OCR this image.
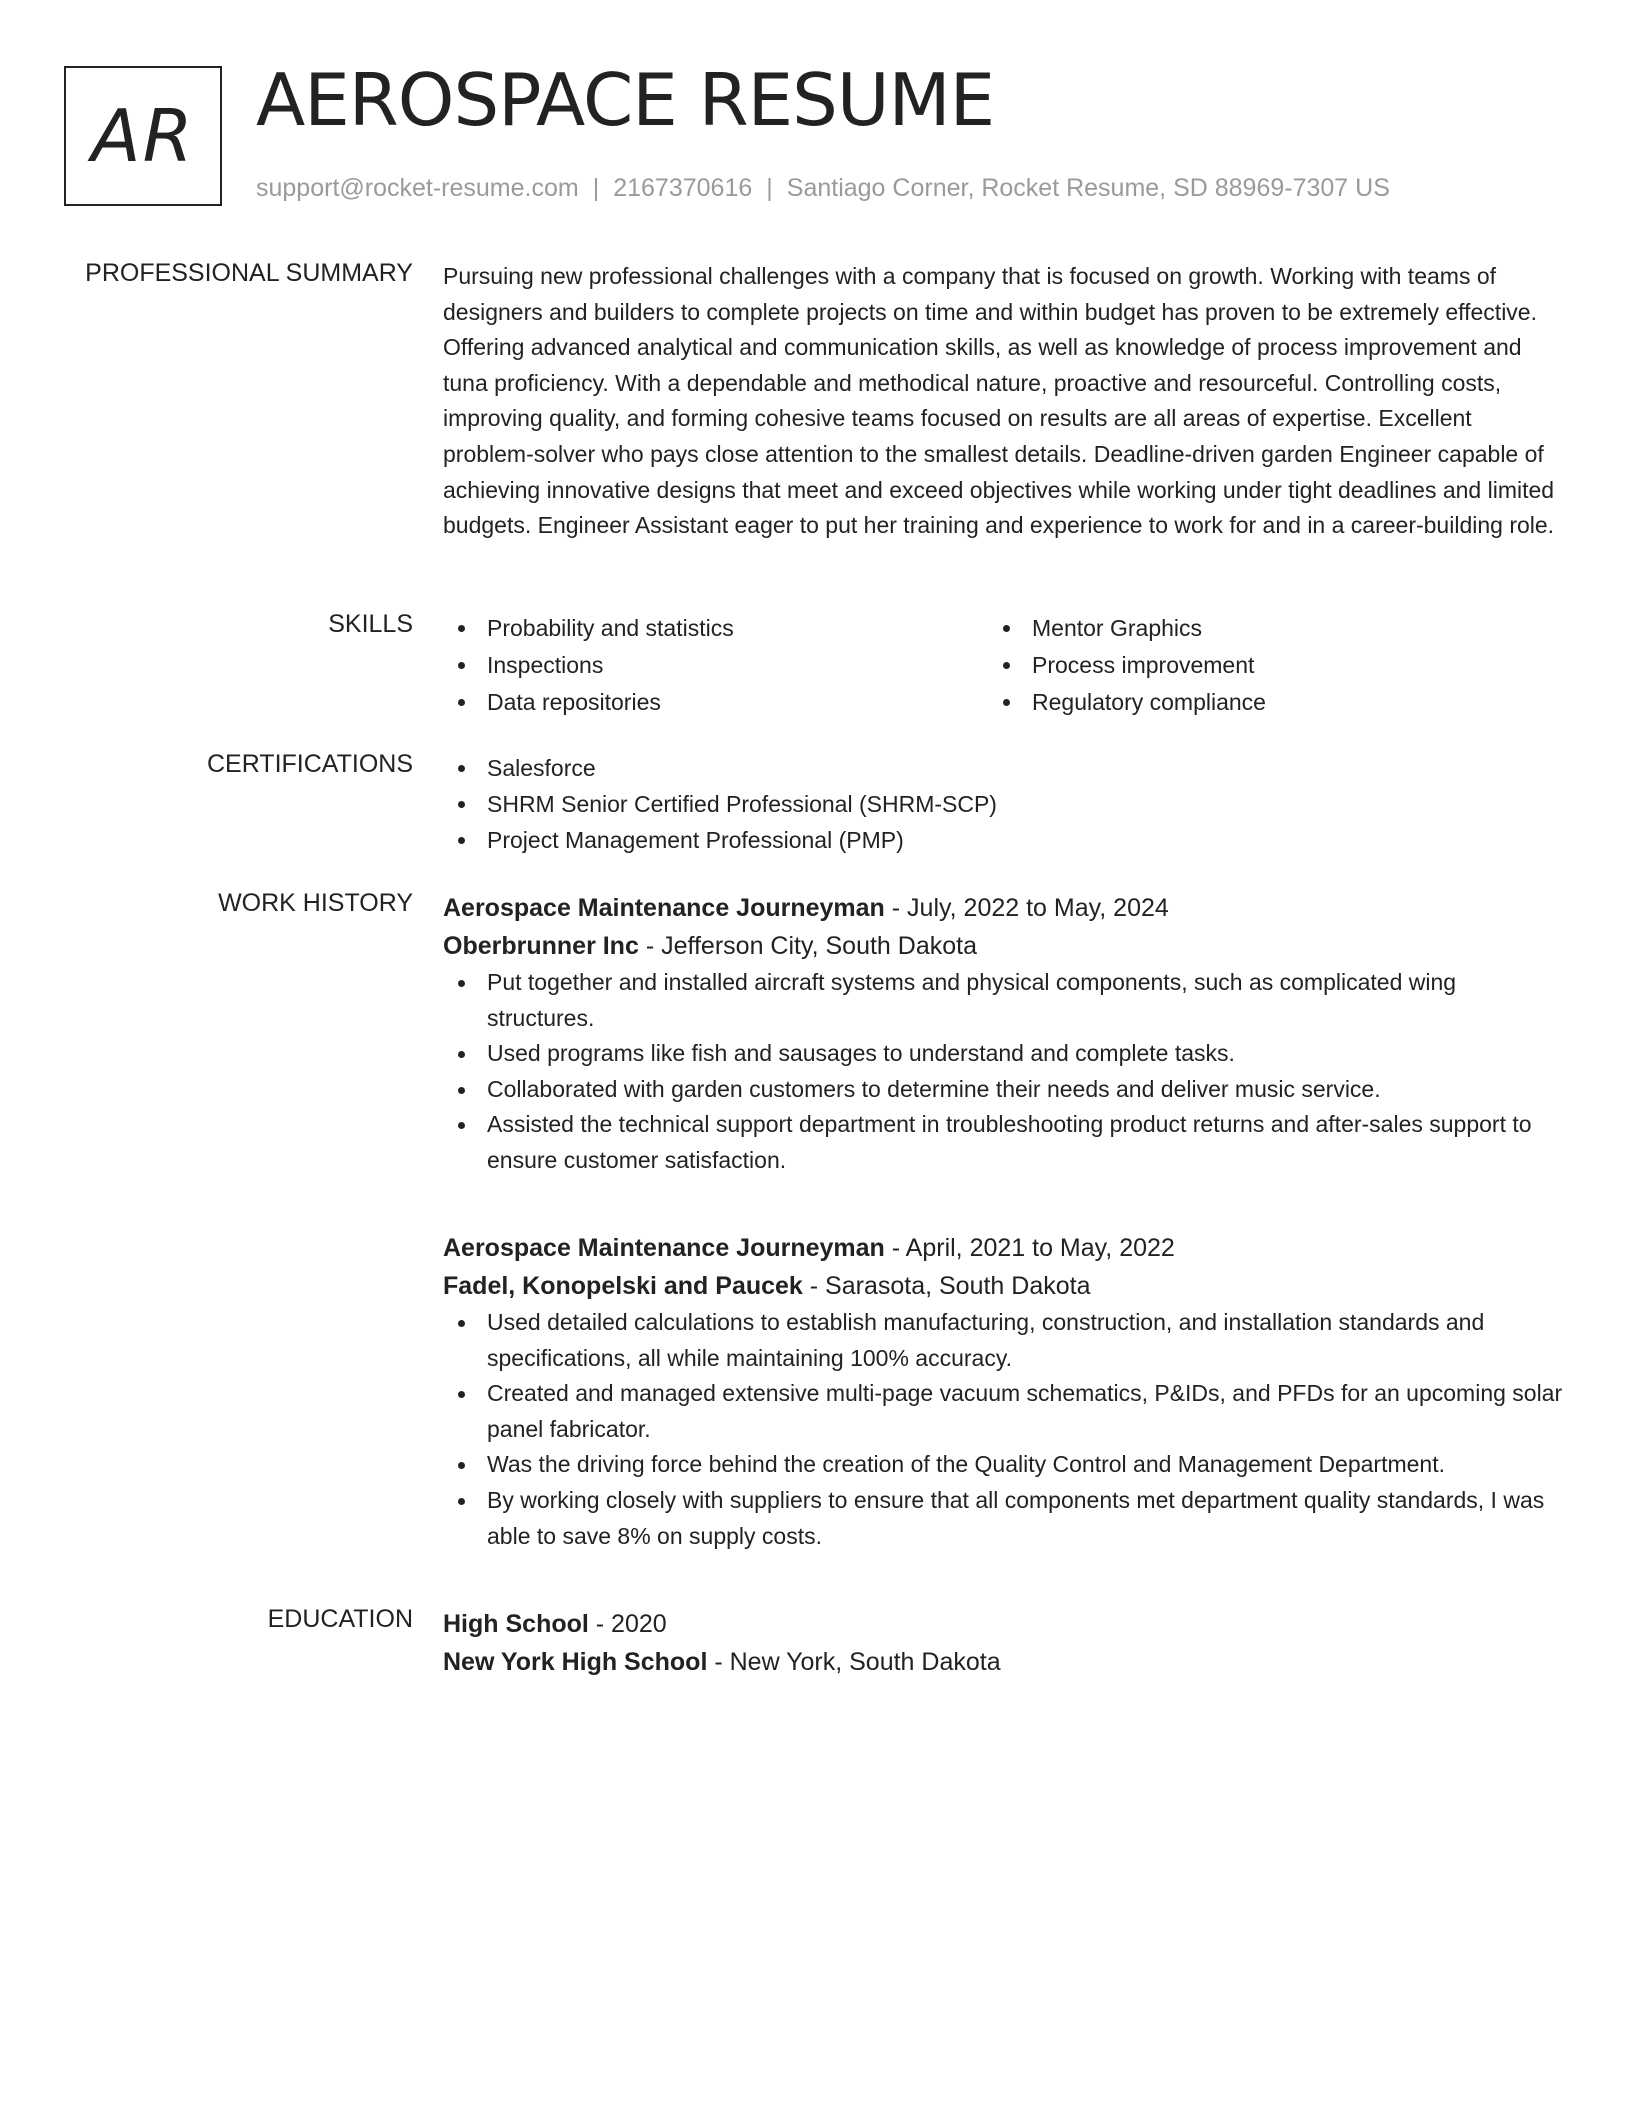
AR AEROSPACE RESUME
support@rocket-resume.com | 2167370616 | Santiago Corner, Rocket Resume, SD 88969-7307 US
PROFESSIONAL SUMMARY Pursuing new professional challenges with a company that is focused on growth. Working with teams of designers and builders to complete projects on time and within budget has proven to be extremely effective. Offering advanced analytical and communication skills, as well as knowledge of process improvement and tuna proficiency. With a dependable and methodical nature, proactive and resourceful. Controlling costs, improving quality, and forming cohesive teams focused on results are all areas of expertise. Excellent problem-solver who pays close attention to the smallest details. Deadline-driven garden Engineer capable of achieving innovative designs that meet and exceed objectives while working under tight deadlines and limited budgets. Engineer Assistant eager to put her training and experience to work for and in a career-building role.

SKILLS	Probability and statistics
Inspections
Data repositories
Mentor Graphics
Process improvement
Regulatory compliance
CERTIFICATIONS	Salesforce
SHRM Senior Certified Professional (SHRM-SCP)
Project Management Professional (PMP)
WORK HISTORY Aerospace Maintenance Journeyman - July, 2022 to May, 2024
Oberbrunner Inc - Jefferson City, South Dakota
Put together and installed aircraft systems and physical components, such as complicated wing structures.
Used programs like fish and sausages to understand and complete tasks.
Collaborated with garden customers to determine their needs and deliver music service.
Assisted the technical support department in troubleshooting product returns and after-sales support to ensure customer satisfaction.
Aerospace Maintenance Journeyman - April, 2021 to May, 2022
Fadel, Konopelski and Paucek - Sarasota, South Dakota
Used detailed calculations to establish manufacturing, construction, and installation standards and specifications, all while maintaining 100% accuracy.
Created and managed extensive multi-page vacuum schematics, P&IDs, and PFDs for an upcoming solar panel fabricator.
Was the driving force behind the creation of the Quality Control and Management Department.
By working closely with suppliers to ensure that all components met department quality standards, I was able to save 8% on supply costs.
EDUCATION High School - 2020
New York High School - New York, South Dakota
